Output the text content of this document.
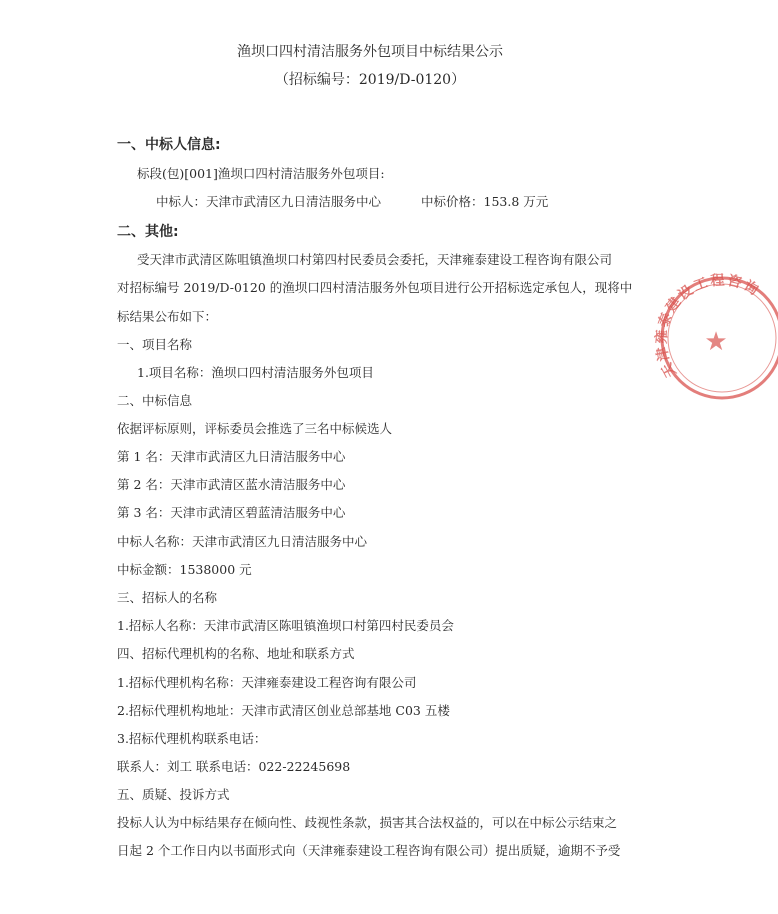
渔坝口四村清洁服务外包项目中标结果公示
（招标编号：2019/D-0120）
一、中标人信息:
标段(包)[001]渔坝口四村清洁服务外包项目:
中标人：天津市武清区九日清洁服务中心	中标价格：153.8 万元
二、其他:
受天津市武清区陈咀镇渔坝口村第四村民委员会委托，天津雍泰建设工程咨询有限公司
对招标编号 2019/D-0120 的渔坝口四村清洁服务外包项目进行公开招标选定承包人，现将中
标结果公布如下：
一、项目名称
1.项目名称：渔坝口四村清洁服务外包项目
二、中标信息
依据评标原则，评标委员会推选了三名中标候选人
第 1 名：天津市武清区九日清洁服务中心
第 2 名：天津市武清区蓝水清洁服务中心
第 3 名：天津市武清区碧蓝清洁服务中心
中标人名称：天津市武清区九日清洁服务中心
中标金额：1538000 元
三、招标人的名称
1.招标人名称：天津市武清区陈咀镇渔坝口村第四村民委员会
四、招标代理机构的名称、地址和联系方式
1.招标代理机构名称：天津雍泰建设工程咨询有限公司
2.招标代理机构地址：天津市武清区创业总部基地 C03 五楼
3.招标代理机构联系电话：
联系人：刘工 联系电话：022-22245698
五、质疑、投诉方式
投标人认为中标结果存在倾向性、歧视性条款，损害其合法权益的，可以在中标公示结束之
日起 2 个工作日内以书面形式向（天津雍泰建设工程咨询有限公司）提出质疑，逾期不予受
天津雍泰建设工程咨询
★
